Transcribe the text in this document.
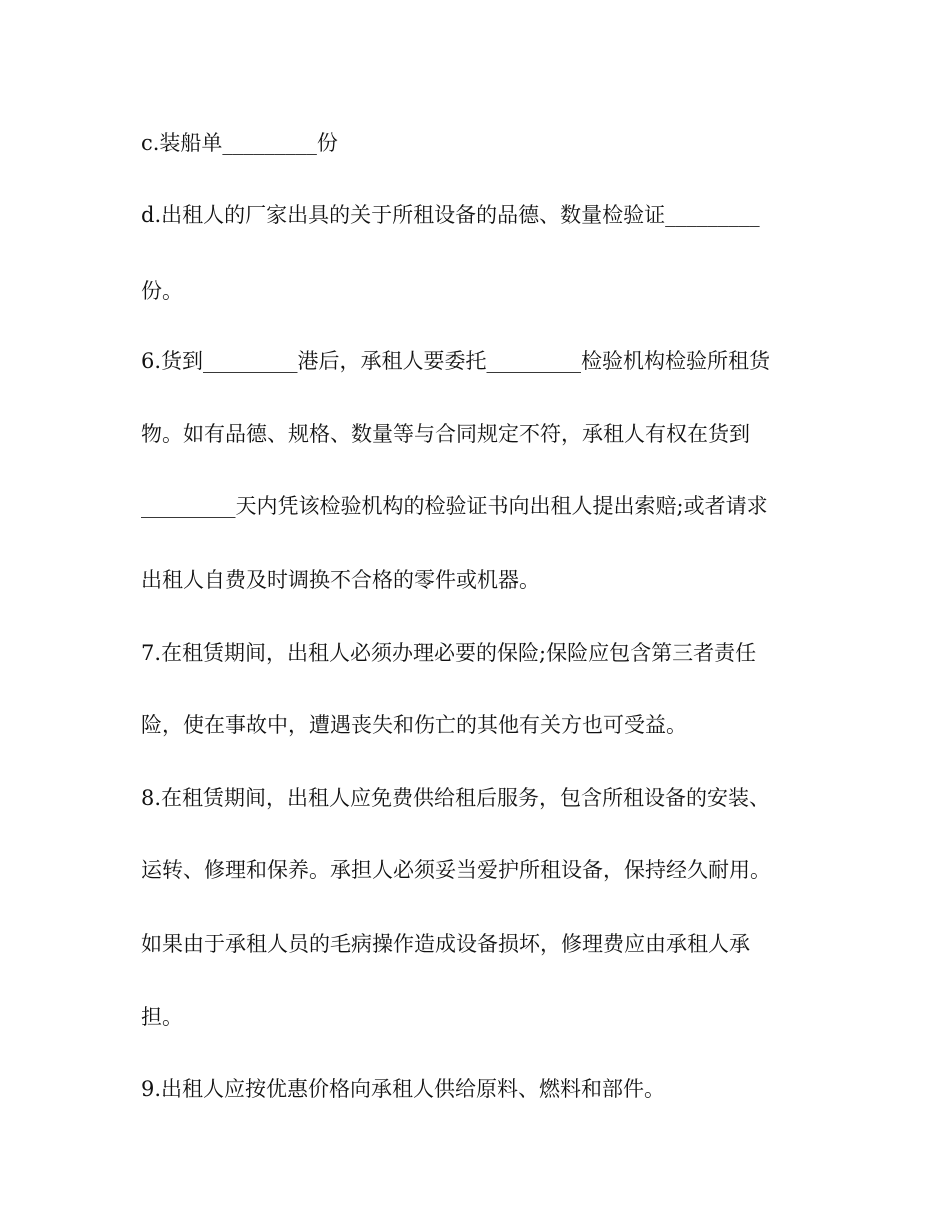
c.装船单_________份
d.出租人的厂家出具的关于所租设备的品德、数量检验证_________
份。
6.货到_________港后，承租人要委托_________检验机构检验所租货
物。如有品德、规格、数量等与合同规定不符，承租人有权在货到
_________天内凭该检验机构的检验证书向出租人提出索赔;或者请求
出租人自费及时调换不合格的零件或机器。
7.在租赁期间，出租人必须办理必要的保险;保险应包含第三者责任
险，使在事故中，遭遇丧失和伤亡的其他有关方也可受益。
8.在租赁期间，出租人应免费供给租后服务，包含所租设备的安装、
运转、修理和保养。承担人必须妥当爱护所租设备，保持经久耐用。
如果由于承租人员的毛病操作造成设备损坏，修理费应由承租人承
担。
9.出租人应按优惠价格向承租人供给原料、燃料和部件。
